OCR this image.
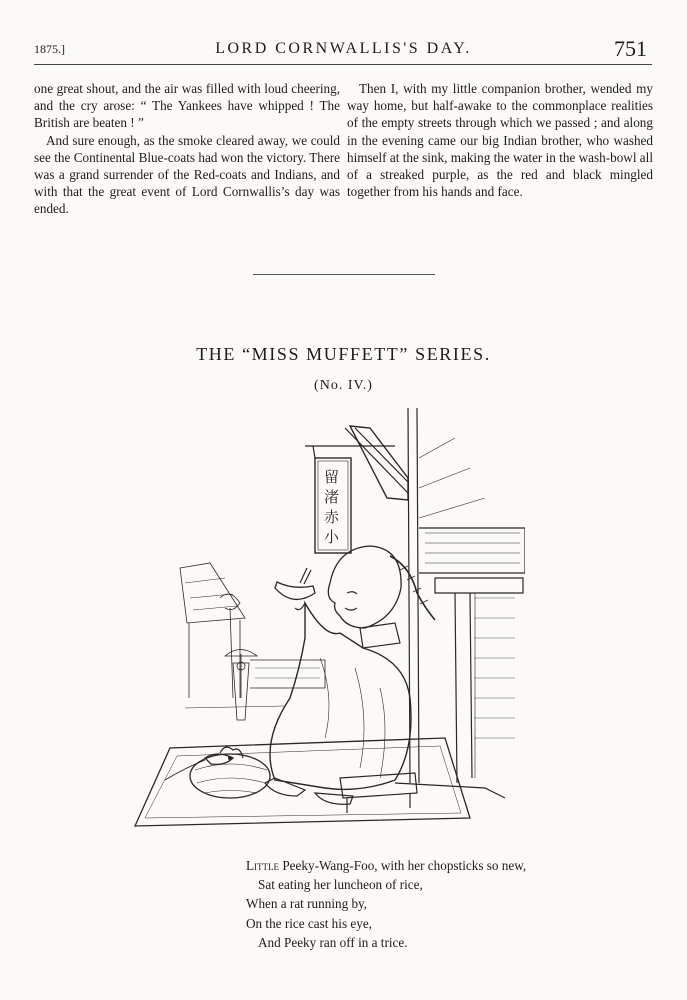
1875.]	LORD CORNWALLIS'S DAY.	751

one great shout, and the air was filled with loud cheering, and the cry arose: “ The Yankees have whipped ! The British are beaten ! ”

And sure enough, as the smoke cleared away, we could see the Continental Blue-coats had won the victory. There was a grand surrender of the Red-coats and Indians, and with that the great event of Lord Cornwallis’s day was ended.

Then I, with my little companion brother, wended my way home, but half-awake to the commonplace realities of the empty streets through which we passed ; and along in the evening came our big Indian brother, who washed himself at the sink, making the water in the wash-bowl all of a streaked purple, as the red and black mingled together from his hands and face.

THE “MISS MUFFETT” SERIES.
(No. IV.)
留
渚
赤
小
Little Peeky-Wang-Foo, with her chopsticks so new,
Sat eating her luncheon of rice,
When a rat running by,
On the rice cast his eye,
And Peeky ran off in a trice.
